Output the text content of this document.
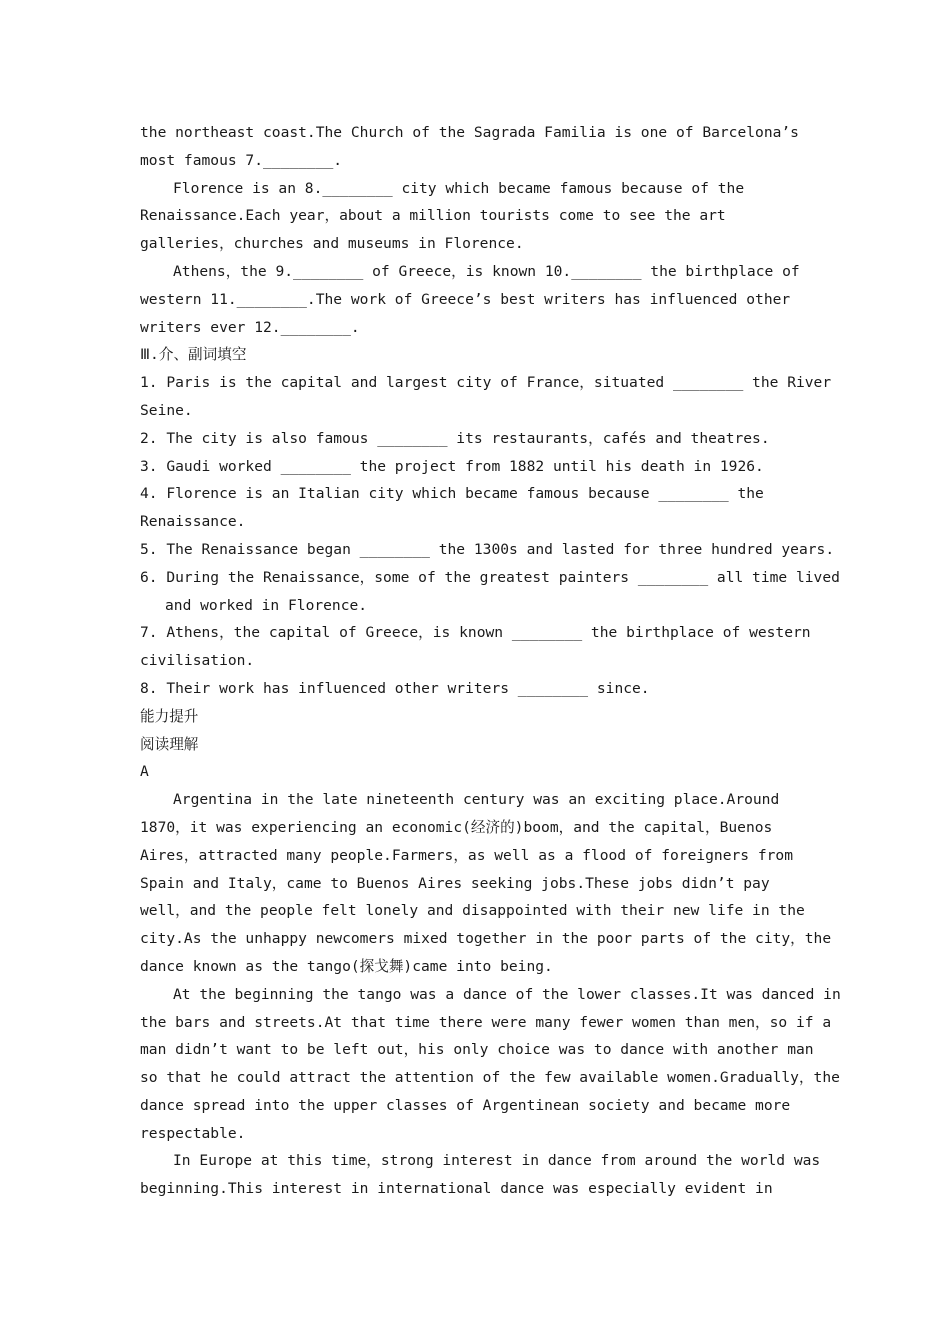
the northeast coast.The Church of the Sagrada Familia is one of Barcelona’s
most famous 7.________.
Florence is an 8.________ city which became famous because of the
Renaissance.Each year，about a million tourists come to see the art
galleries，churches and museums in Florence.
Athens，the 9.________ of Greece，is known 10.________ the birthplace of
western 11.________.The work of Greece’s best writers has influenced other
writers ever 12.________.
Ⅲ.介、副词填空
1. Paris is the capital and largest city of France，situated ________ the River
Seine.
2. The city is also famous ________ its restaurants，cafés and theatres.
3. Gaudi worked ________ the project from 1882 until his death in 1926.
4. Florence is an Italian city which became famous because ________ the
Renaissance.
5. The Renaissance began ________ the 1300s and lasted for three hundred years.
6. During the Renaissance，some of the greatest painters ________ all time lived
and worked in Florence.
7. Athens，the capital of Greece，is known ________ the birthplace of western
civilisation.
8. Their work has influenced other writers ________ since.
能力提升
阅读理解
A
Argentina in the late nineteenth century was an exciting place.Around
1870，it was experiencing an economic(经济的)boom，and the capital，Buenos
Aires，attracted many people.Farmers，as well as a flood of foreigners from
Spain and Italy，came to Buenos Aires seeking jobs.These jobs didn’t pay
well，and the people felt lonely and disappointed with their new life in the
city.As the unhappy newcomers mixed together in the poor parts of the city，the
dance known as the tango(探戈舞)came into being.
At the beginning the tango was a dance of the lower classes.It was danced in
the bars and streets.At that time there were many fewer women than men，so if a
man didn’t want to be left out，his only choice was to dance with another man
so that he could attract the attention of the few available women.Gradually，the
dance spread into the upper classes of Argentinean society and became more
respectable.
In Europe at this time，strong interest in dance from around the world was
beginning.This interest in international dance was especially evident in
